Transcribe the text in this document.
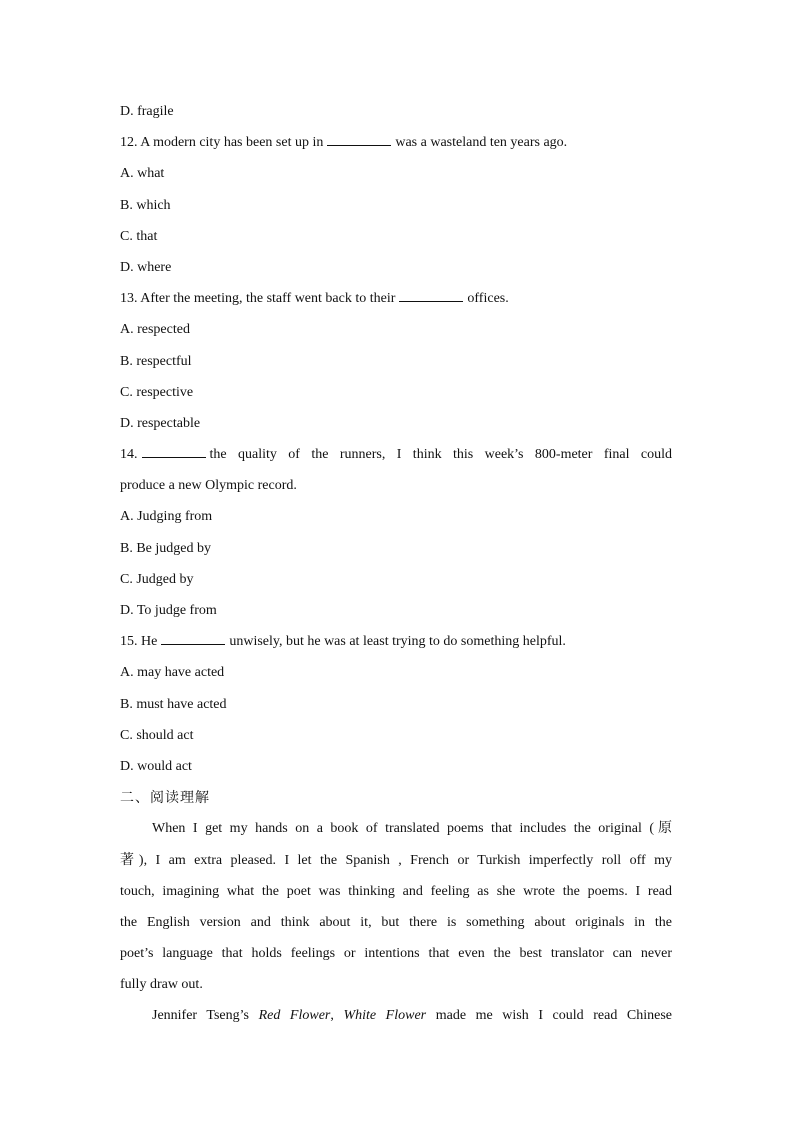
D. fragile
12. A modern city has been set up in	was a wasteland ten years ago.
A. what
B. which
C. that
D. where
13. After the meeting, the staff went back to their	offices.
A. respected
B. respectful
C. respective
D. respectable
14.	the quality of the runners, I think this week’s 800-meter final could
produce a new Olympic record.
A. Judging from
B. Be judged by
C. Judged by
D. To judge from
15. He	unwisely, but he was at least trying to do something helpful.
A. may have acted
B. must have acted
C. should act
D. would act
二、阅读理解
When I get my hands on a book of translated poems that includes the original (原
著), I am extra pleased. I let the Spanish , French or Turkish imperfectly roll off my
touch, imagining what the poet was thinking and feeling as she wrote the poems. I read
the English version and think about it, but there is something about originals in the
poet’s language that holds feelings or intentions that even the best translator can never
fully draw out.
Jennifer Tseng’s Red Flower, White Flower made me wish I could read Chinese
